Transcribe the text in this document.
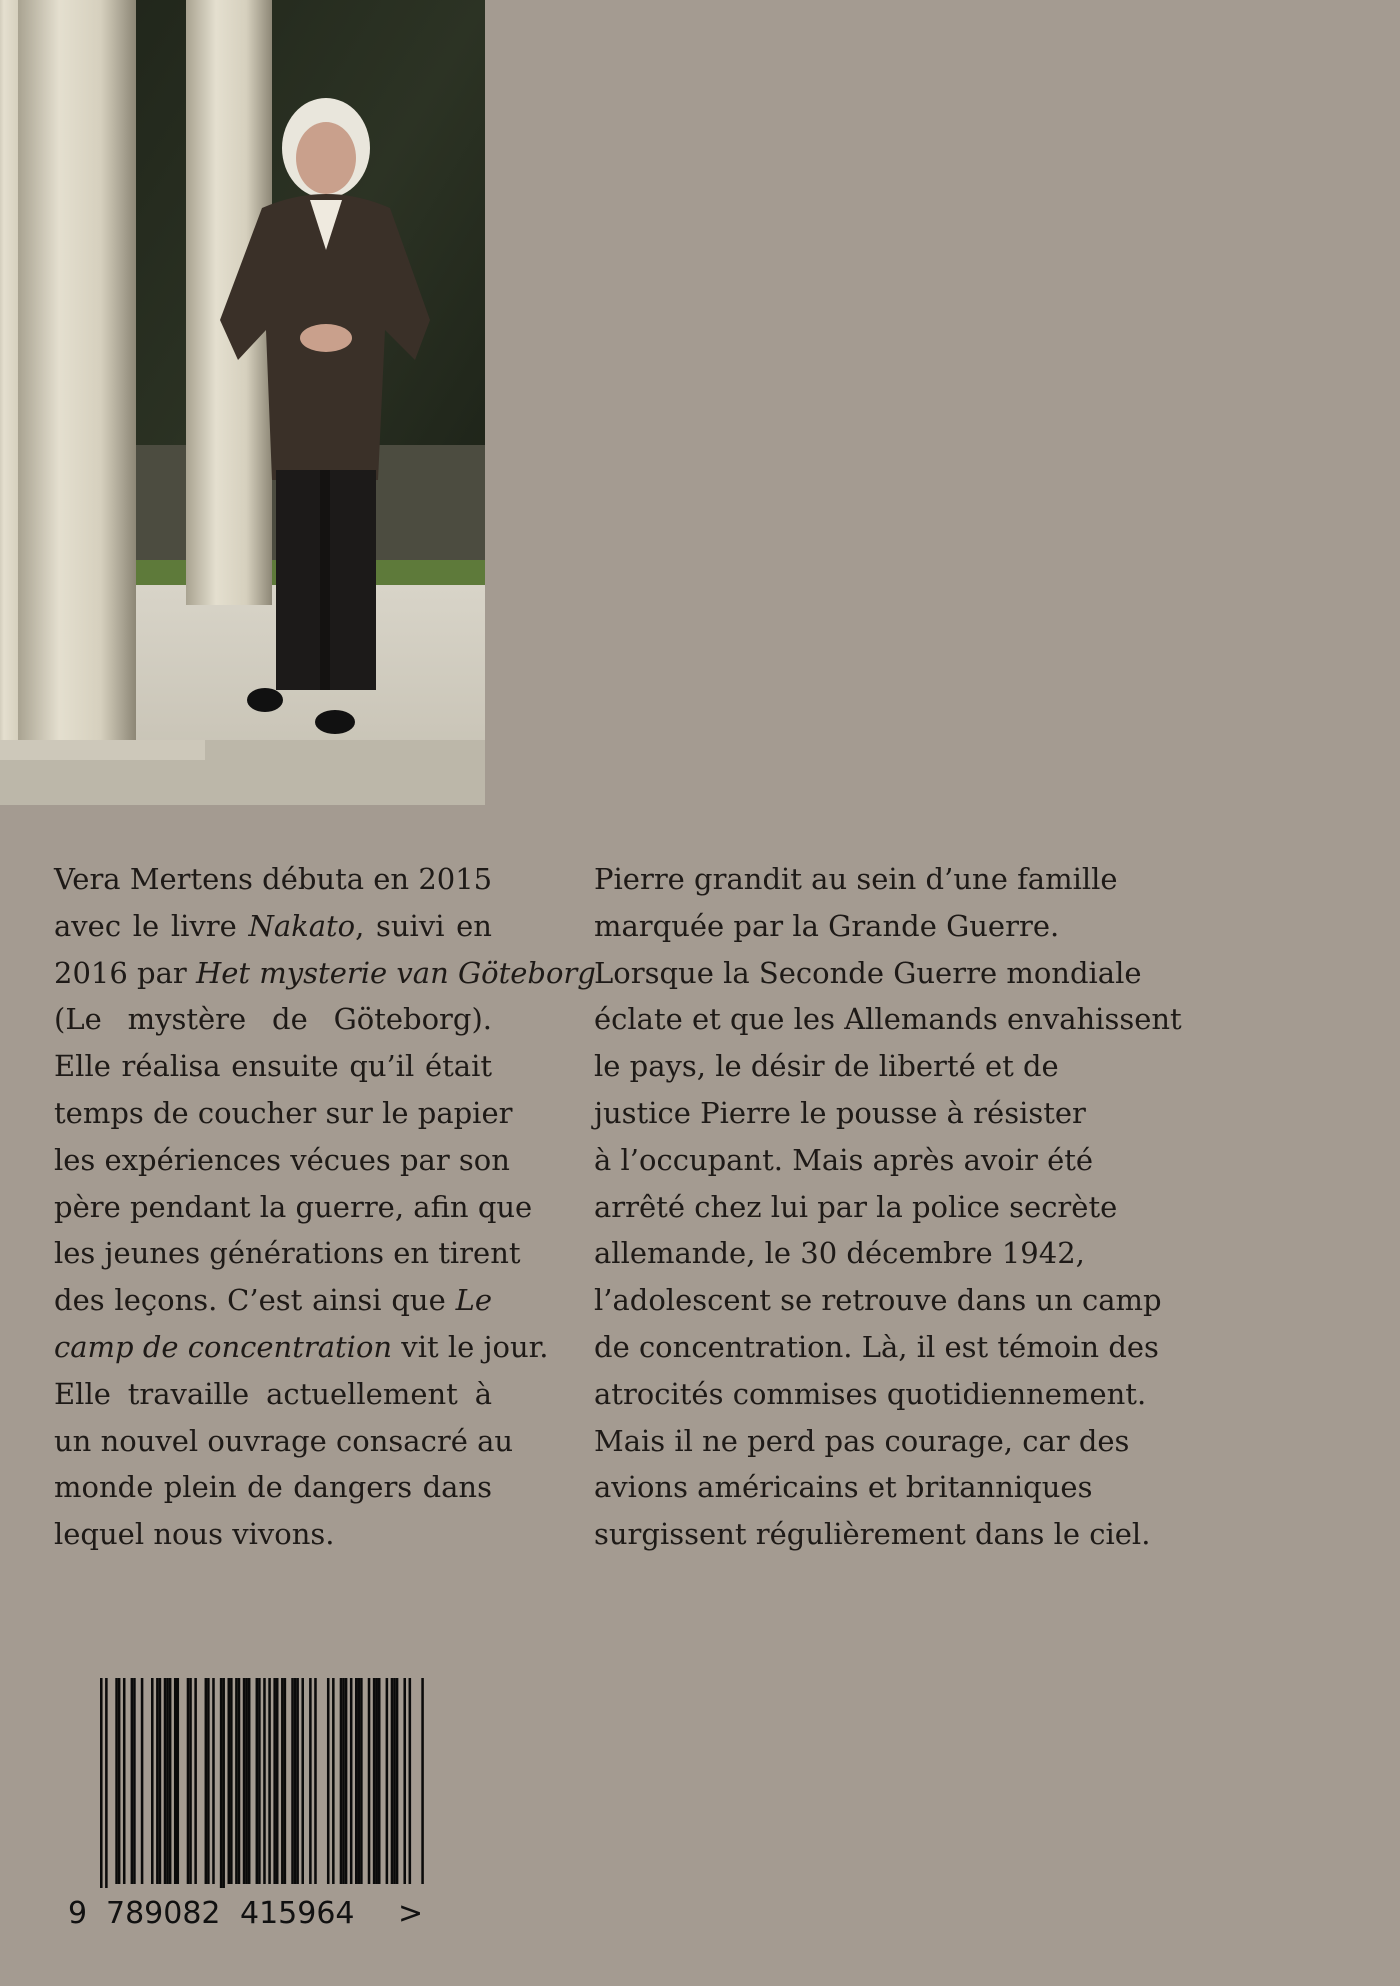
Vera Mertens débuta en 2015
avec le livre Nakato, suivi en
2016 par Het mysterie van Göteborg
(Le mystère de Göteborg).
Elle réalisa ensuite qu’il était
temps de coucher sur le papier
les expériences vécues par son
père pendant la guerre, afin que
les jeunes générations en tirent
des leçons. C’est ainsi que Le
camp de concentration vit le jour.
Elle travaille actuellement à
un nouvel ouvrage consacré au
monde plein de dangers dans
lequel nous vivons.
Pierre grandit au sein d’une famille
marquée par la Grande Guerre.
Lorsque la Seconde Guerre mondiale
éclate et que les Allemands envahissent
le pays, le désir de liberté et de
justice Pierre le pousse à résister
à l’occupant. Mais après avoir été
arrêté chez lui par la police secrète
allemande, le 30 décembre 1942,
l’adolescent se retrouve dans un camp
de concentration. Là, il est témoin des
atrocités commises quotidiennement.
Mais il ne perd pas courage, car des
avions américains et britanniques
surgissent régulièrement dans le ciel.
9 789082 415964 >
